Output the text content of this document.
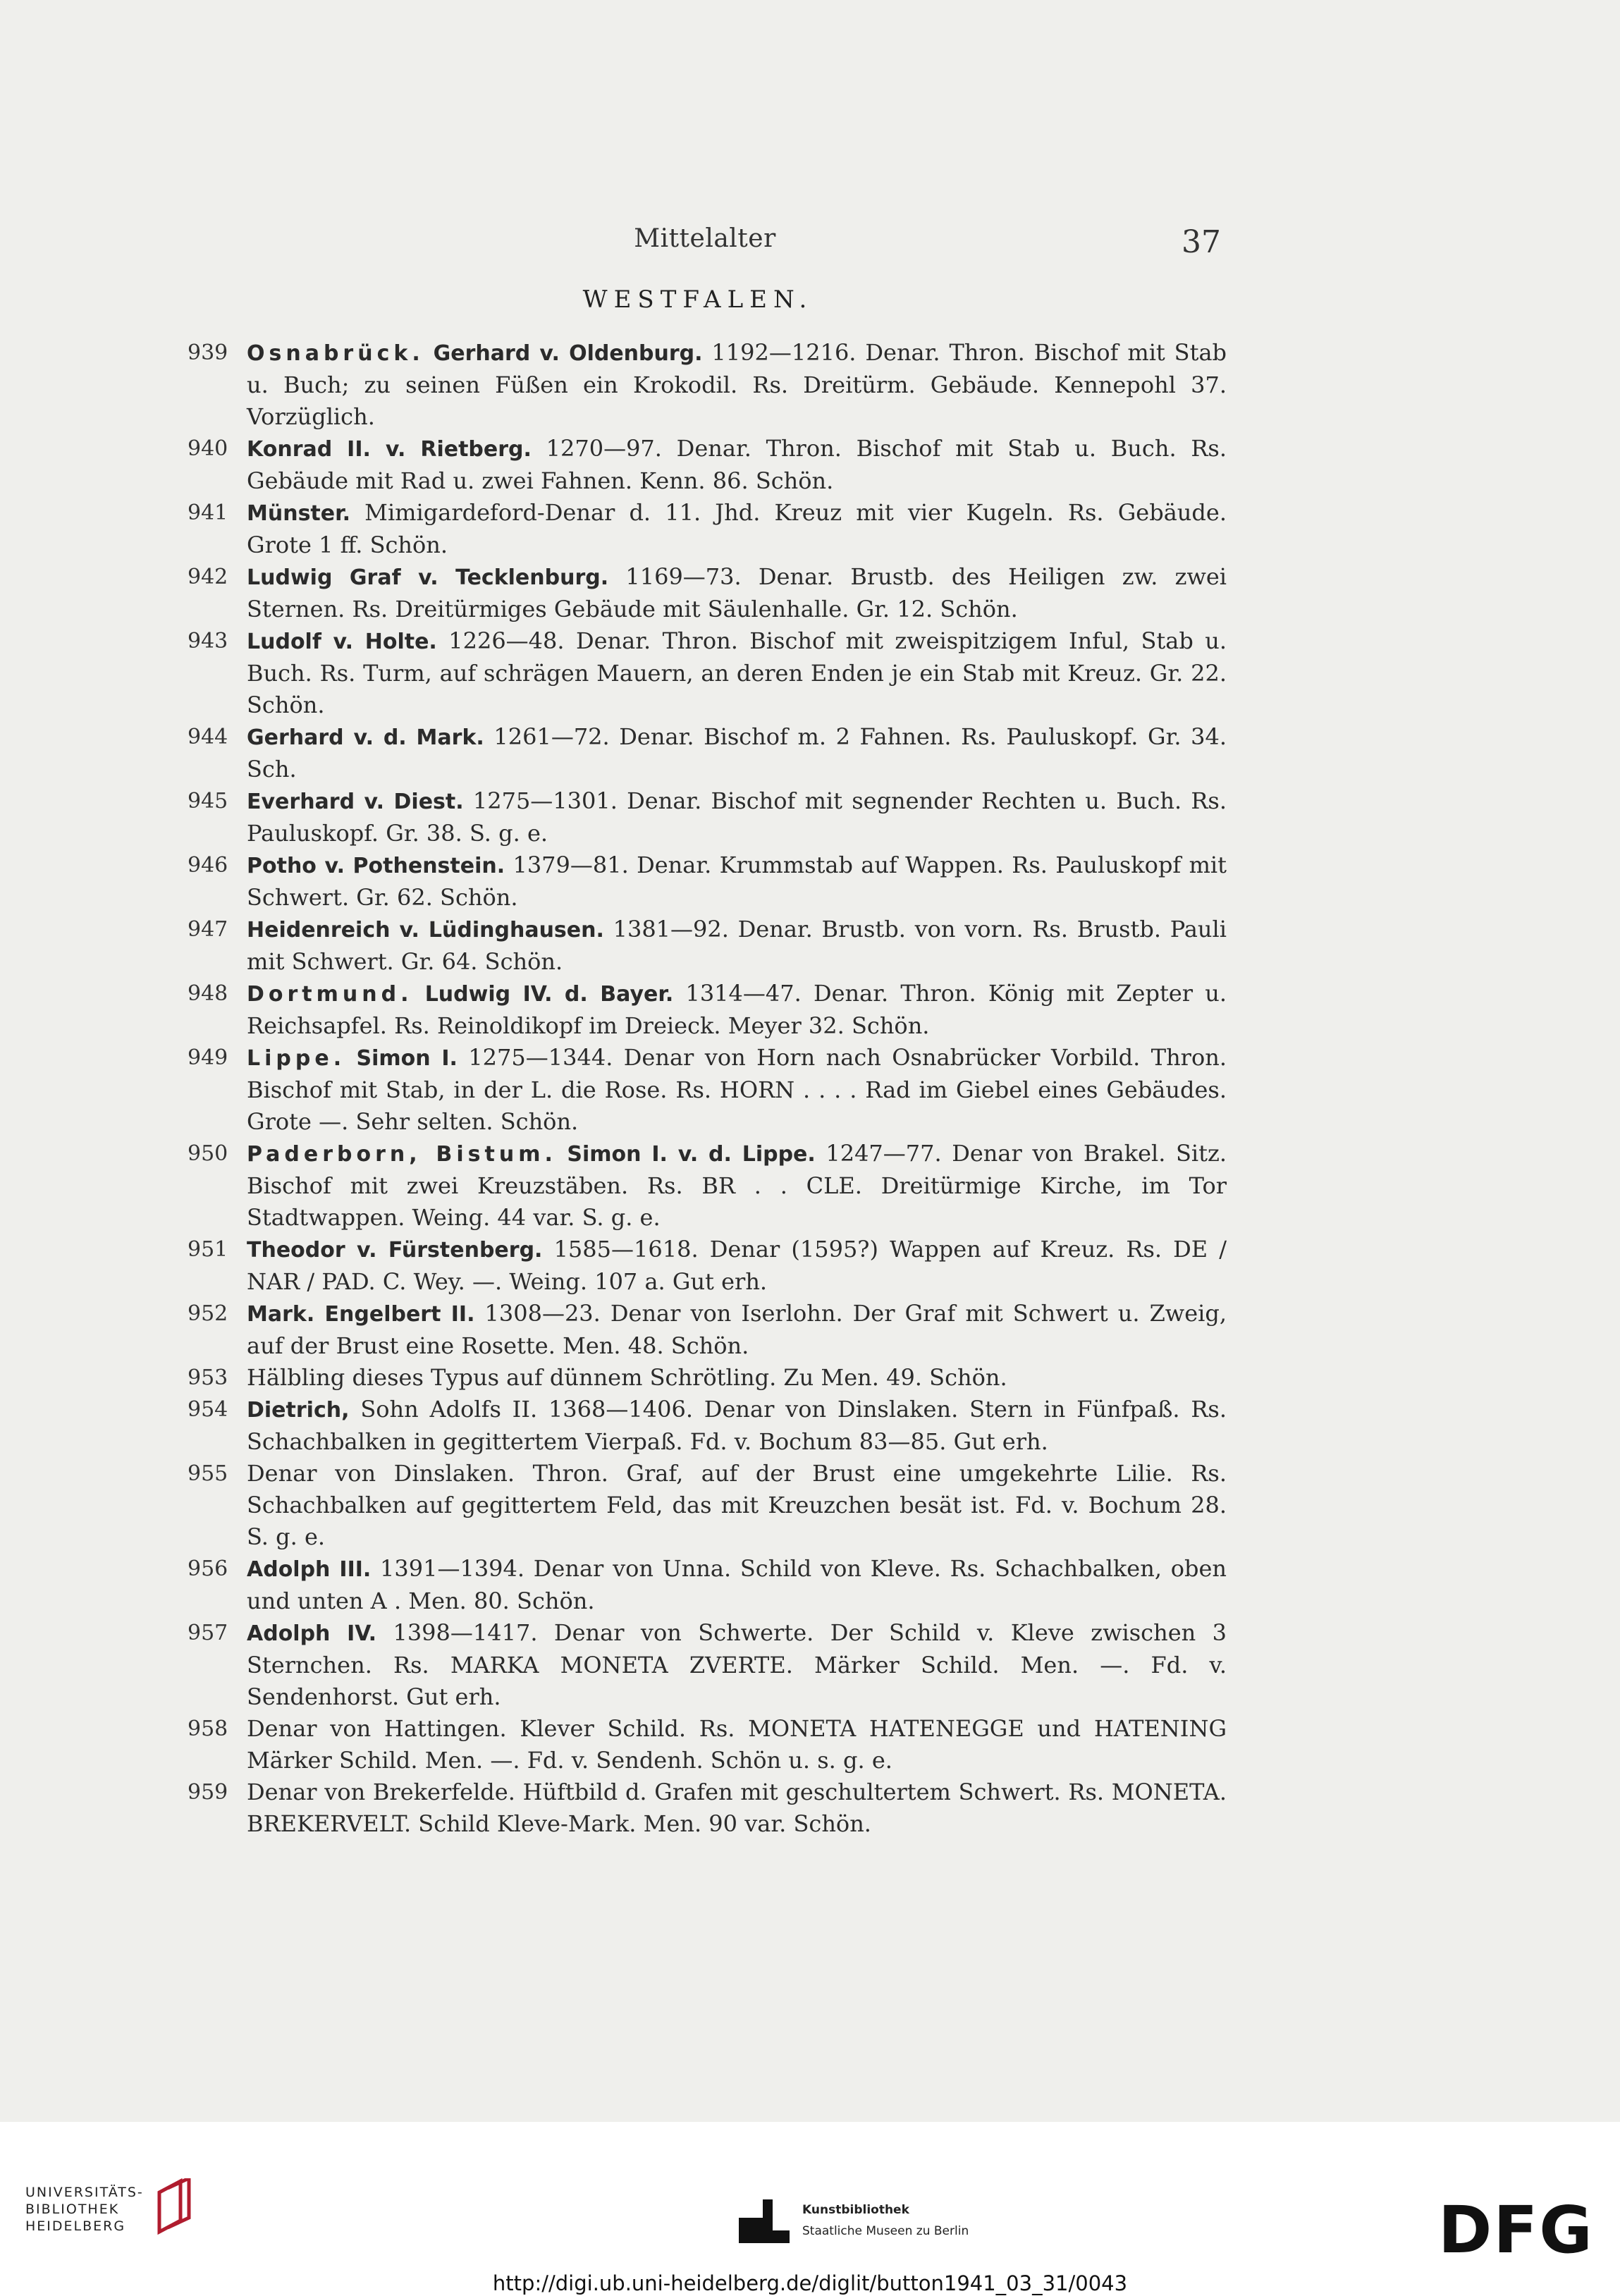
Mittelalter	37
WESTFALEN.
939 Osnabrück. Gerhard v. Oldenburg. 1192—1216. Denar. Thron. Bischof mit Stab u. Buch; zu seinen Füßen ein Krokodil. Rs. Dreitürm. Gebäude. Kennepohl 37. Vorzüglich.
940 Konrad II. v. Rietberg. 1270—97. Denar. Thron. Bischof mit Stab u. Buch. Rs. Gebäude mit Rad u. zwei Fahnen. Kenn. 86. Schön.
941 Münster. Mimigardeford-Denar d. 11. Jhd. Kreuz mit vier Kugeln. Rs. Gebäude. Grote 1 ff. Schön.
942 Ludwig Graf v. Tecklenburg. 1169—73. Denar. Brustb. des Heiligen zw. zwei Sternen. Rs. Dreitürmiges Gebäude mit Säulenhalle. Gr. 12. Schön.
943 Ludolf v. Holte. 1226—48. Denar. Thron. Bischof mit zweispitzigem Inful, Stab u. Buch. Rs. Turm, auf schrägen Mauern, an deren Enden je ein Stab mit Kreuz. Gr. 22. Schön.
944 Gerhard v. d. Mark. 1261—72. Denar. Bischof m. 2 Fahnen. Rs. Pauluskopf. Gr. 34. Sch.
945 Everhard v. Diest. 1275—1301. Denar. Bischof mit segnender Rechten u. Buch. Rs. Pauluskopf. Gr. 38. S. g. e.
946 Potho v. Pothenstein. 1379—81. Denar. Krummstab auf Wappen. Rs. Pauluskopf mit Schwert. Gr. 62. Schön.
947 Heidenreich v. Lüdinghausen. 1381—92. Denar. Brustb. von vorn. Rs. Brustb. Pauli mit Schwert. Gr. 64. Schön.
948 Dortmund. Ludwig IV. d. Bayer. 1314—47. Denar. Thron. König mit Zepter u. Reichsapfel. Rs. Reinoldikopf im Dreieck. Meyer 32. Schön.
949 Lippe. Simon I. 1275—1344. Denar von Horn nach Osnabrücker Vorbild. Thron. Bischof mit Stab, in der L. die Rose. Rs. HORN . . . . Rad im Giebel eines Gebäudes. Grote —. Sehr selten. Schön.
950 Paderborn, Bistum. Simon I. v. d. Lippe. 1247—77. Denar von Brakel. Sitz. Bischof mit zwei Kreuzstäben. Rs. BR . . CLE. Dreitürmige Kirche, im Tor Stadtwappen. Weing. 44 var. S. g. e.
951 Theodor v. Fürstenberg. 1585—1618. Denar (1595?) Wappen auf Kreuz. Rs. DE / NAR / PAD. C. Wey. —. Weing. 107 a. Gut erh.
952 Mark. Engelbert II. 1308—23. Denar von Iserlohn. Der Graf mit Schwert u. Zweig, auf der Brust eine Rosette. Men. 48. Schön.
953 Hälbling dieses Typus auf dünnem Schrötling. Zu Men. 49. Schön.
954 Dietrich, Sohn Adolfs II. 1368—1406. Denar von Dinslaken. Stern in Fünfpaß. Rs. Schachbalken in gegittertem Vierpaß. Fd. v. Bochum 83—85. Gut erh.
955 Denar von Dinslaken. Thron. Graf, auf der Brust eine umgekehrte Lilie. Rs. Schachbalken auf gegittertem Feld, das mit Kreuzchen besät ist. Fd. v. Bochum 28. S. g. e.
956 Adolph III. 1391—1394. Denar von Unna. Schild von Kleve. Rs. Schachbalken, oben und unten A . Men. 80. Schön.
957 Adolph IV. 1398—1417. Denar von Schwerte. Der Schild v. Kleve zwischen 3 Sternchen. Rs. MARKA MONETA ZVERTE. Märker Schild. Men. —. Fd. v. Sendenhorst. Gut erh.
958 Denar von Hattingen. Klever Schild. Rs. MONETA HATENEGGE und HATENING Märker Schild. Men. —. Fd. v. Sendenh. Schön u. s. g. e.
959 Denar von Brekerfelde. Hüftbild d. Grafen mit geschultertem Schwert. Rs. MONETA. BREKERVELT. Schild Kleve-Mark. Men. 90 var. Schön.
UNIVERSITÄTS-
BIBLIOTHEK
HEIDELBERG
Kunstbibliothek
Staatliche Museen zu Berlin	DFG
http://digi.ub.uni-heidelberg.de/diglit/button1941_03_31/0043
